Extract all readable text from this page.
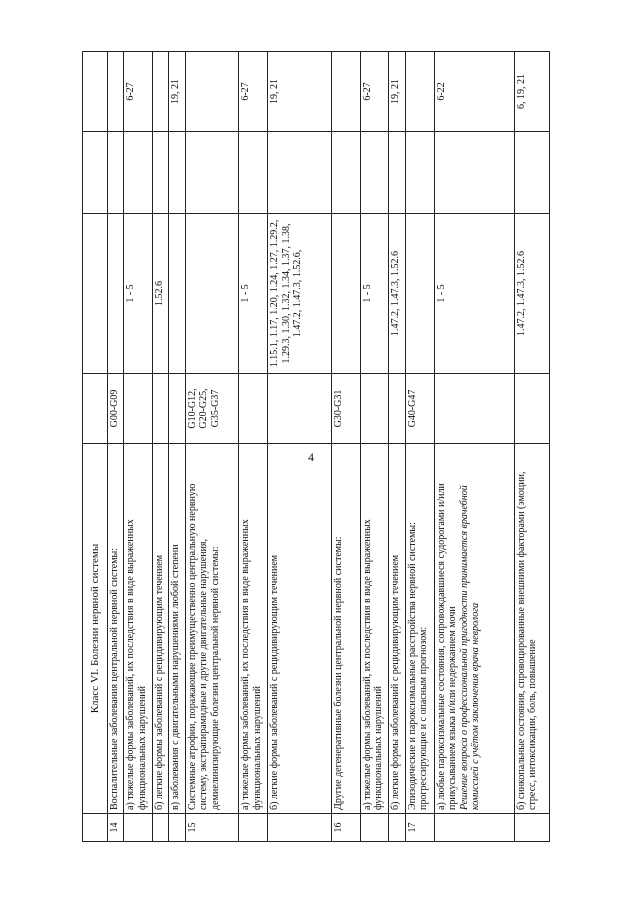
4
	Класс VI. Болезни нервной системы				
14	Воспалительные заболевания центральной нервной системы:	G00-G09			
	а) тяжелые формы заболеваний, их последствия в виде выраженных функциональных нарушений		1 - 5		6-27
	б) легкие формы заболеваний с рецидивирующим течением		1.52.6		
	в) заболевания с двигательными нарушениями любой степени				19, 21
15	Системные атрофии, поражающие преимущественно центральную нервную систему, экстрапирамидные и другие двигательные нарушения, демиелинизирующие болезни центральной нервной системы:	G10-G12, G20-G25, G35-G37			
	а) тяжелые формы заболеваний, их последствия в виде выраженных функциональных нарушений		1 - 5		6-27
	б) легкие формы заболеваний с рецидивирующим течением		1.15.1, 1.17, 1.20, 1.24, 1.27, 1.29.2, 1.29.3, 1.30, 1.32, 1.34, 1.37, 1.38, 1.47.2, 1.47.3, 1.52.6,		19, 21
16	Другие дегенеративные болезни центральной нервной системы:	G30-G31			
	а) тяжелые формы заболеваний, их последствия в виде выраженных функциональных нарушений		1 - 5		6-27
	б) легкие формы заболеваний с рецидивирующим течением		1.47.2, 1.47.3, 1.52.6		19, 21
17	Эпизодические и пароксизмальные расстройства нервной системы: прогрессирующие и с опасным прогнозом:	G40-G47			

	а) любые пароксизмальные состояния, сопровождавшиеся судорогами и/или прикусыванием языка и/или недержанием мочи Решение вопроса о профессиональной пригодности принимается врачебной комиссией с учётом заключения врача невролога		1 - 5		6-22
	б) синкопальные состояния, спровоцированные внешними факторами (эмоции, стресс, интоксикации, боль, повышение		1.47.2, 1.47.3, 1.52.6		6, 19, 21
